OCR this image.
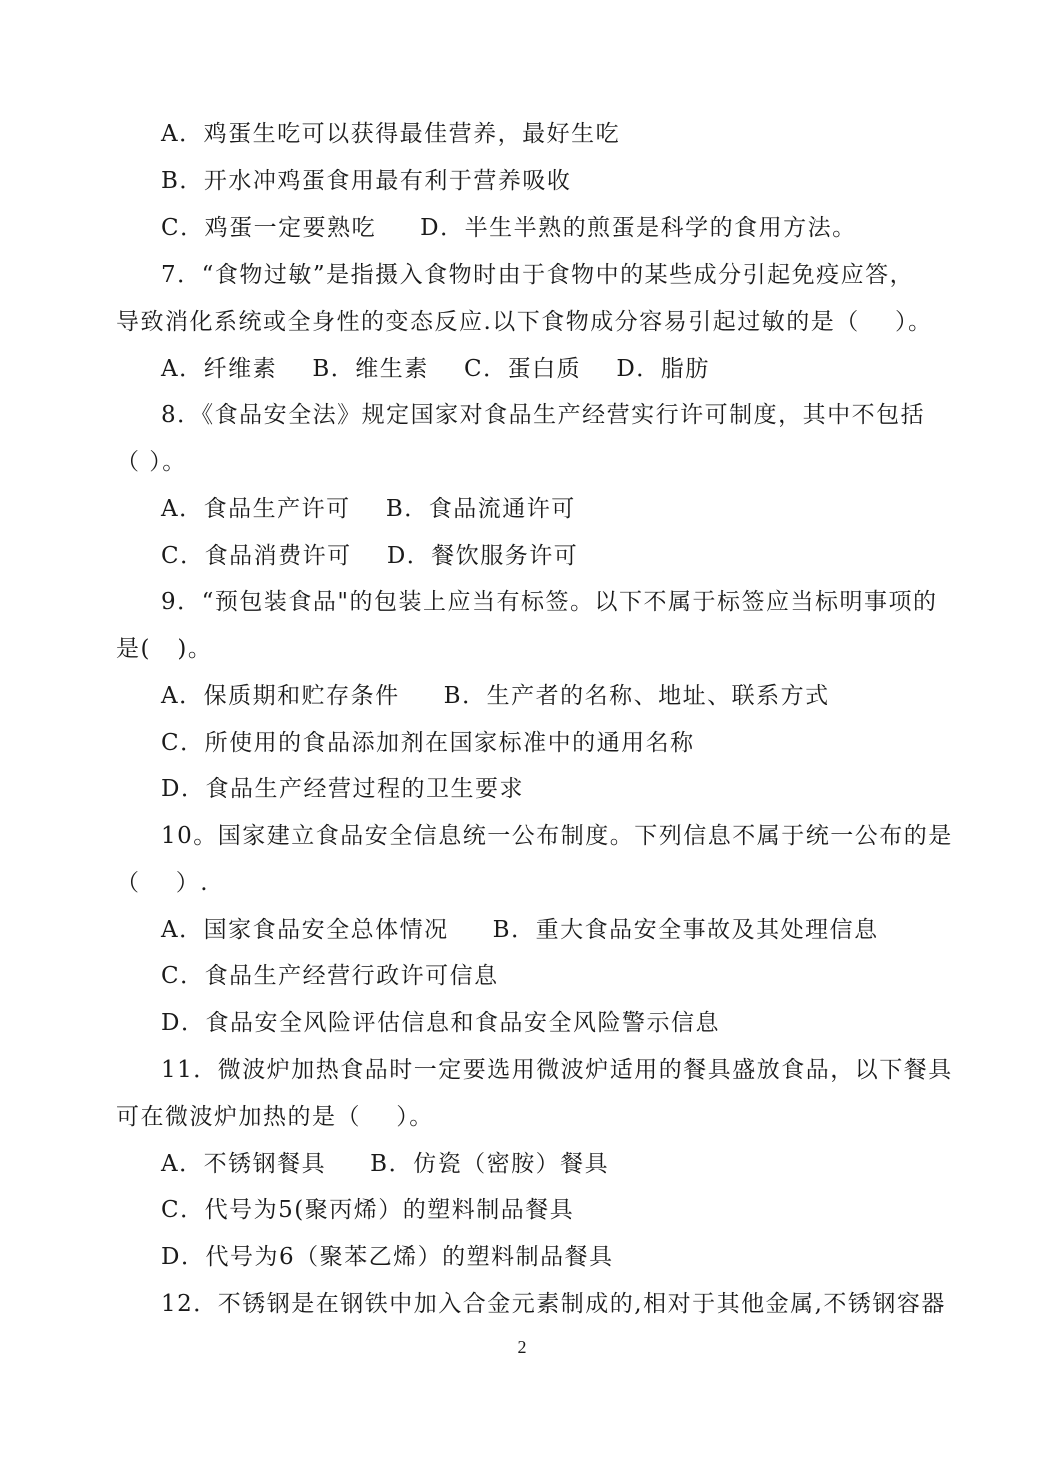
A．鸡蛋生吃可以获得最佳营养，最好生吃
B．开水冲鸡蛋食用最有利于营养吸收
C．鸡蛋一定要熟吃     D．半生半熟的煎蛋是科学的食用方法。
7．“食物过敏”是指摄入食物时由于食物中的某些成分引起免疫应答，
导致消化系统或全身性的变态反应.以下食物成分容易引起过敏的是（    ）。
A．纤维素    B．维生素    C．蛋白质    D．脂肪
8．《食品安全法》规定国家对食品生产经营实行许可制度，其中不包括
（ ）。
A．食品生产许可    B．食品流通许可
C．食品消费许可    D．餐饮服务许可
9．“预包装食品"的包装上应当有标签。以下不属于标签应当标明事项的
是(   )。
A．保质期和贮存条件     B．生产者的名称、地址、联系方式
C．所使用的食品添加剂在国家标准中的通用名称
D．食品生产经营过程的卫生要求
10。国家建立食品安全信息统一公布制度。下列信息不属于统一公布的是
（    ）.
A．国家食品安全总体情况     B．重大食品安全事故及其处理信息
C．食品生产经营行政许可信息
D．食品安全风险评估信息和食品安全风险警示信息
11．微波炉加热食品时一定要选用微波炉适用的餐具盛放食品，以下餐具
可在微波炉加热的是（    ）。
A．不锈钢餐具     B．仿瓷（密胺）餐具
C．代号为5(聚丙烯）的塑料制品餐具
D．代号为6（聚苯乙烯）的塑料制品餐具
12．不锈钢是在钢铁中加入合金元素制成的,相对于其他金属,不锈钢容器
2
